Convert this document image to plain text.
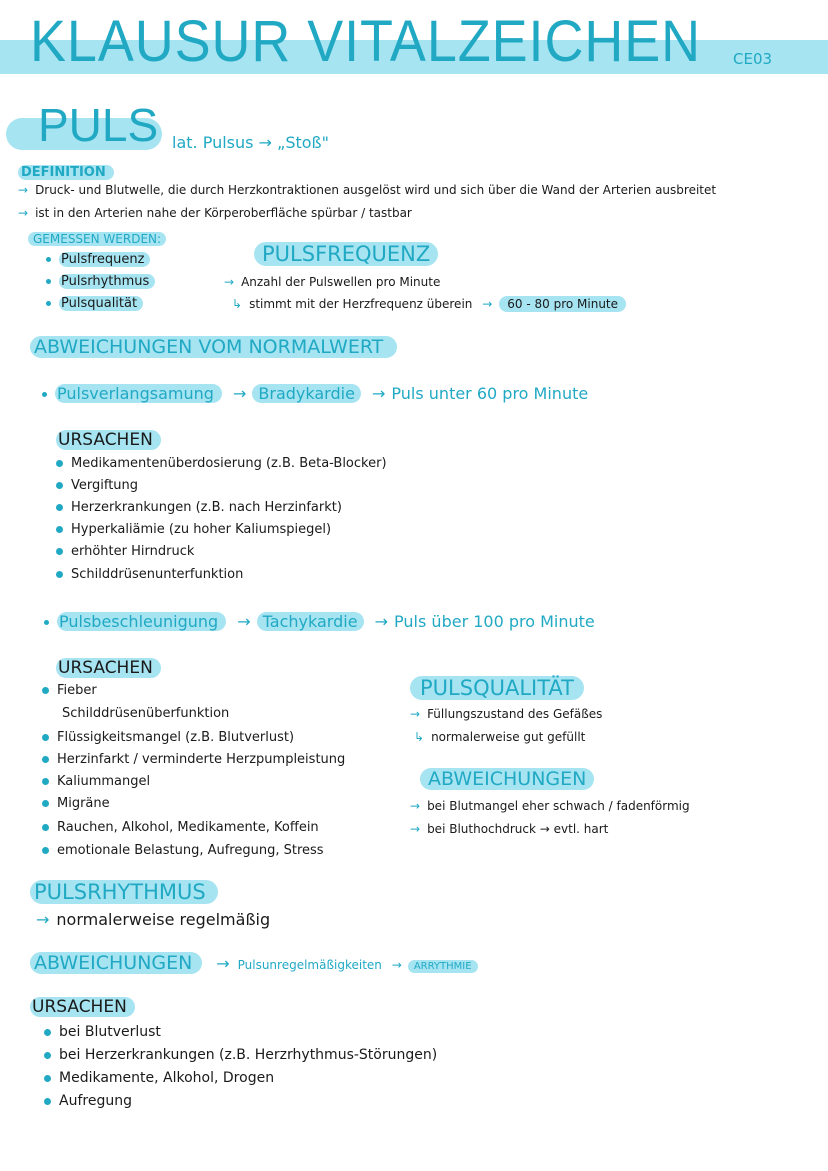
KLAUSUR VITALZEICHEN CE03
PULS lat. Pulsus → „Stoß"
DEFINITION
→ Druck- und Blutwelle, die durch Herzkontraktionen ausgelöst wird und sich über die Wand der Arterien ausbreitet
→ ist in den Arterien nahe der Körperoberfläche spürbar / tastbar
GEMESSEN WERDEN:
Pulsfrequenz
Pulsrhythmus
Pulsqualität
PULSFREQUENZ
→ Anzahl der Pulswellen pro Minute
↳ stimmt mit der Herzfrequenz überein → 60 - 80 pro Minute
ABWEICHUNGEN VOM NORMALWERT
Pulsverlangsamung → Bradykardie → Puls unter 60 pro Minute
URSACHEN
Medikamentenüberdosierung (z.B. Beta-Blocker)
Vergiftung
Herzerkrankungen (z.B. nach Herzinfarkt)
Hyperkaliämie (zu hoher Kaliumspiegel)
erhöhter Hirndruck
Schilddrüsenunterfunktion
Pulsbeschleunigung → Tachykardie → Puls über 100 pro Minute
URSACHEN
Fieber
Schilddrüsenüberfunktion
Flüssigkeitsmangel (z.B. Blutverlust)
Herzinfarkt / verminderte Herzpumpleistung
Kaliummangel
Migräne
Rauchen, Alkohol, Medikamente, Koffein
emotionale Belastung, Aufregung, Stress
PULSQUALITÄT
→ Füllungszustand des Gefäßes
↳ normalerweise gut gefüllt
ABWEICHUNGEN
→ bei Blutmangel eher schwach / fadenförmig
→ bei Bluthochdruck → evtl. hart
PULSRHYTHMUS
→ normalerweise regelmäßig
ABWEICHUNGEN → Pulsunregelmäßigkeiten → ARRYTHMIE
URSACHEN
bei Blutverlust
bei Herzerkrankungen (z.B. Herzrhythmus-Störungen)
Medikamente, Alkohol, Drogen
Aufregung
